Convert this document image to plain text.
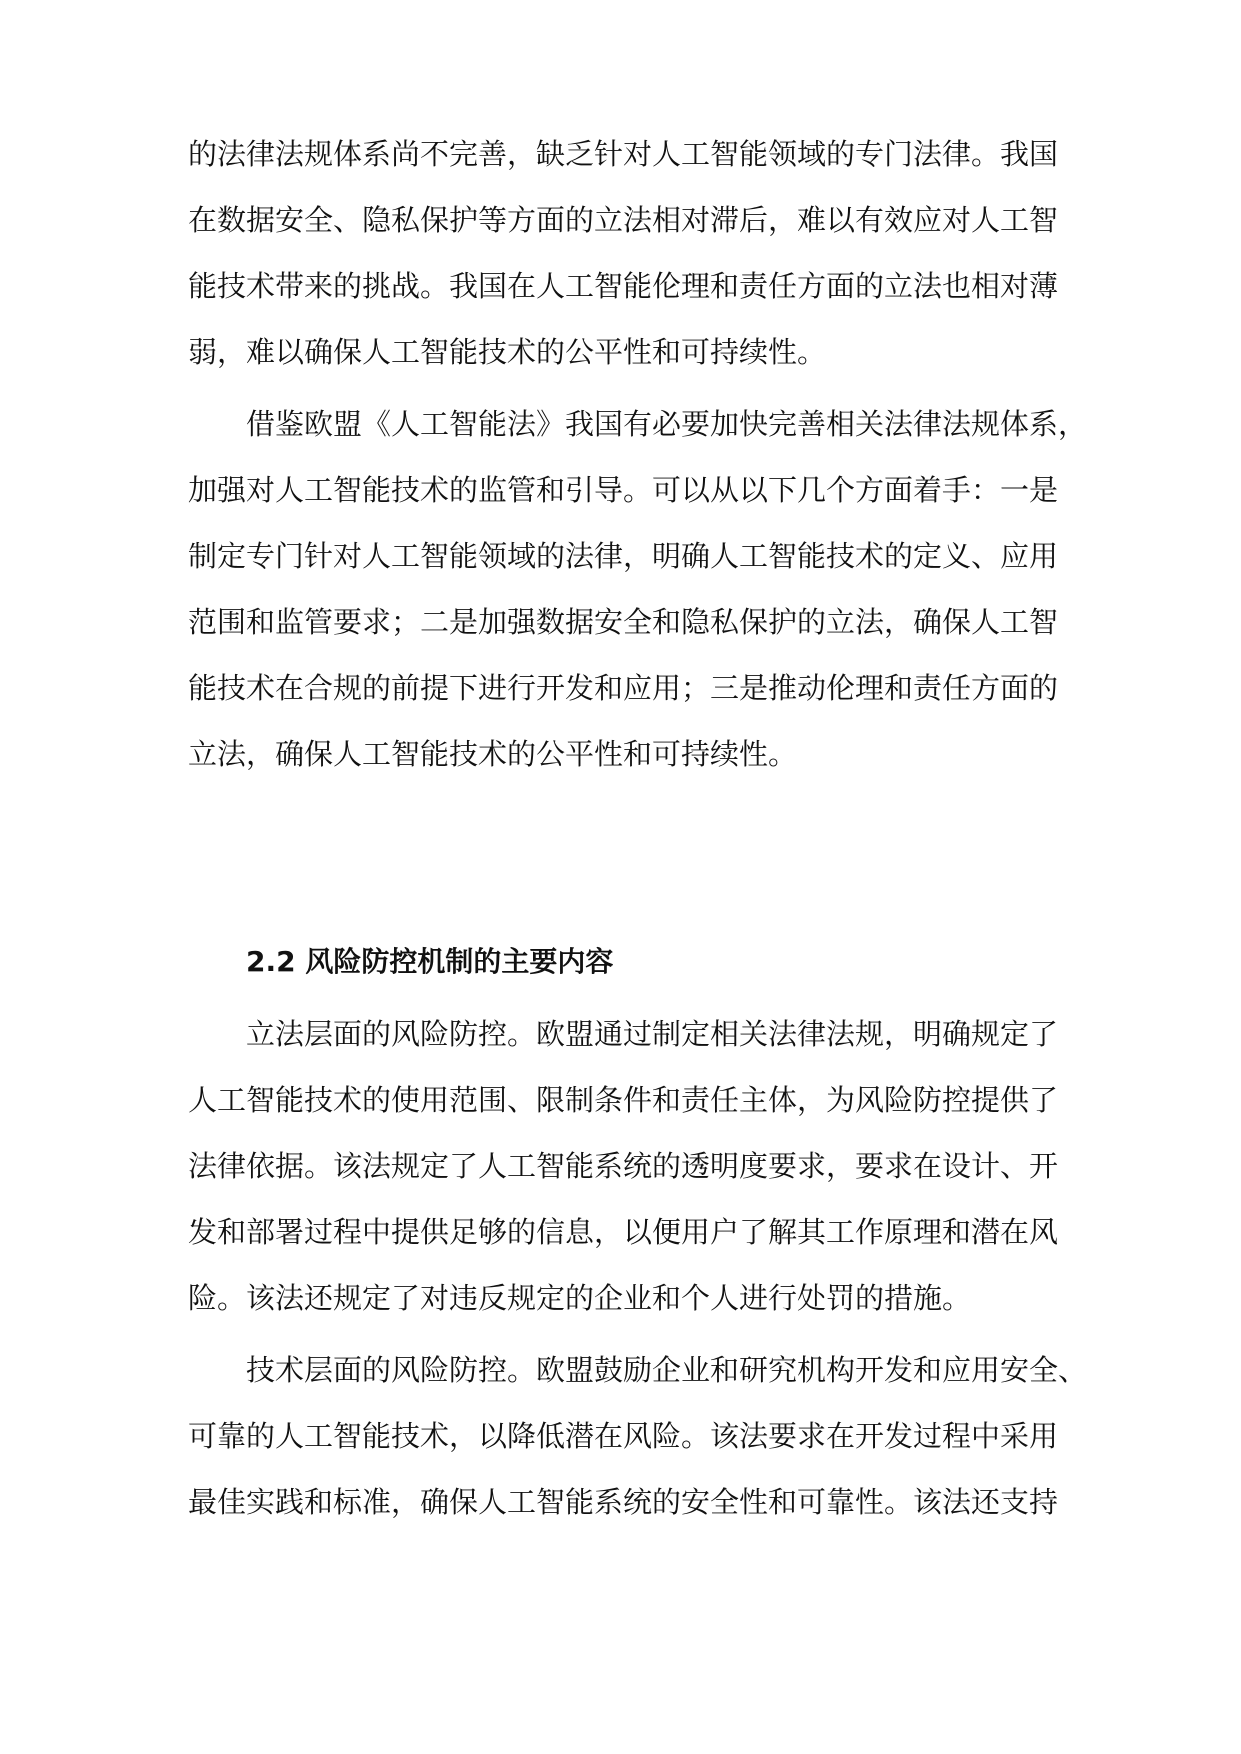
的法律法规体系尚不完善，缺乏针对人工智能领域的专门法律。我国
在数据安全、隐私保护等方面的立法相对滞后，难以有效应对人工智
能技术带来的挑战。我国在人工智能伦理和责任方面的立法也相对薄
弱，难以确保人工智能技术的公平性和可持续性。
借鉴欧盟《人工智能法》我国有必要加快完善相关法律法规体系，
加强对人工智能技术的监管和引导。可以从以下几个方面着手：一是
制定专门针对人工智能领域的法律，明确人工智能技术的定义、应用
范围和监管要求；二是加强数据安全和隐私保护的立法，确保人工智
能技术在合规的前提下进行开发和应用；三是推动伦理和责任方面的
立法，确保人工智能技术的公平性和可持续性。
2.2 风险防控机制的主要内容
立法层面的风险防控。欧盟通过制定相关法律法规，明确规定了
人工智能技术的使用范围、限制条件和责任主体，为风险防控提供了
法律依据。该法规定了人工智能系统的透明度要求，要求在设计、开
发和部署过程中提供足够的信息，以便用户了解其工作原理和潜在风
险。该法还规定了对违反规定的企业和个人进行处罚的措施。
技术层面的风险防控。欧盟鼓励企业和研究机构开发和应用安全、
可靠的人工智能技术，以降低潜在风险。该法要求在开发过程中采用
最佳实践和标准，确保人工智能系统的安全性和可靠性。该法还支持
